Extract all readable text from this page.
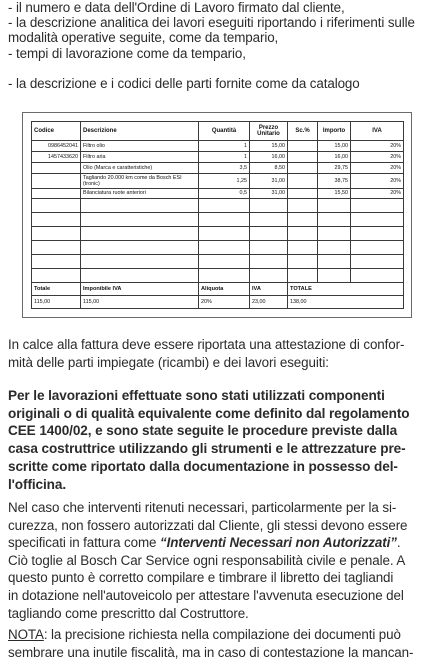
- il numero e data dell'Ordine di Lavoro firmato dal cliente,
- la descrizione analitica dei lavori eseguiti riportando i riferimenti sulle
modalità operative seguite, come da tempario,
- tempi di lavorazione come da tempario,
- la descrizione e i codici delle parti fornite come da catalogo
Codice	Descrizione	Quantità	Prezzo
Unitario	Sc.%	Importo	IVA
0986452041	Filtro olio	1	15,00		15,00	20%
1457433620	Filtro aria	1	16,00		16,00	20%
	Olio (Marca e caratteristiche)	3,5	8,50		29,75	20%
	Tagliando 20.000 km come da Bosch ESI (tronic)	1,25	31,00		38,75	20%
	Bilanciatura ruote anteriori	0,5	31,00		15,50	20%

Totale	Imponibile IVA	Aliquota	IVA	TOTALE		
115,00	115,00	20%	23,00	138,00		
In calce alla fattura deve essere riportata una attestazione di confor-
mità delle parti impiegate (ricambi) e dei lavori eseguiti:
Per le lavorazioni effettuate sono stati utilizzati componenti
originali o di qualità equivalente come definito dal regolamento
CEE 1400/02, e sono state seguite le procedure previste dalla
casa costruttrice utilizzando gli strumenti e le attrezzature pre-
scritte come riportato dalla documentazione in possesso del-
l'officina.
Nel caso che interventi ritenuti necessari, particolarmente per la si-
curezza, non fossero autorizzati dal Cliente, gli stessi devono essere
specificati in fattura come “Interventi Necessari non Autorizzati”.
Ciò toglie al Bosch Car Service ogni responsabilità civile e penale. A
questo punto è corretto compilare e timbrare il libretto dei tagliandi
in dotazione nell'autoveicolo per attestare l'avvenuta esecuzione del
tagliando come prescritto dal Costruttore.
NOTA: la precisione richiesta nella compilazione dei documenti può
sembrare una inutile fiscalità, ma in caso di contestazione la mancan-
